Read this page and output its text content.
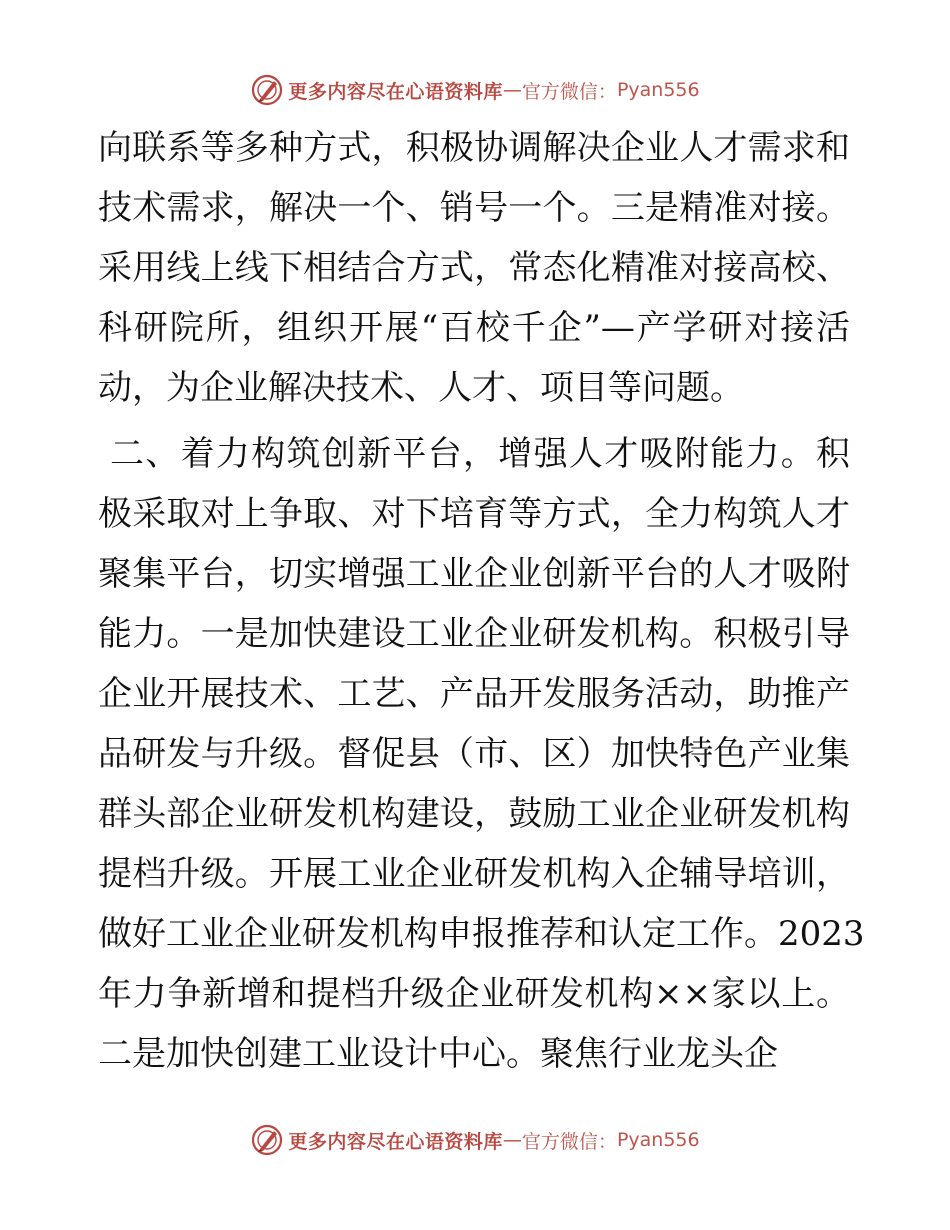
更多内容尽在心语资料库 — 官方微信： Pyan556
向联系等多种方式，积极协调解决企业人才需求和
技术需求，解决一个、销号一个。三是精准对接。
采用线上线下相结合方式，常态化精准对接高校、
科研院所，组织开展“百校千企”—产学研对接活
动，为企业解决技术、人才、项目等问题。
二、着力构筑创新平台，增强人才吸附能力。积
极采取对上争取、对下培育等方式，全力构筑人才
聚集平台，切实增强工业企业创新平台的人才吸附
能力。一是加快建设工业企业研发机构。积极引导
企业开展技术、工艺、产品开发服务活动，助推产
品研发与升级。督促县（市、区）加快特色产业集
群头部企业研发机构建设，鼓励工业企业研发机构
提档升级。开展工业企业研发机构入企辅导培训，
做好工业企业研发机构申报推荐和认定工作。2023
年力争新增和提档升级企业研发机构××家以上。
二是加快创建工业设计中心。聚焦行业龙头企
更多内容尽在心语资料库 — 官方微信： Pyan556
